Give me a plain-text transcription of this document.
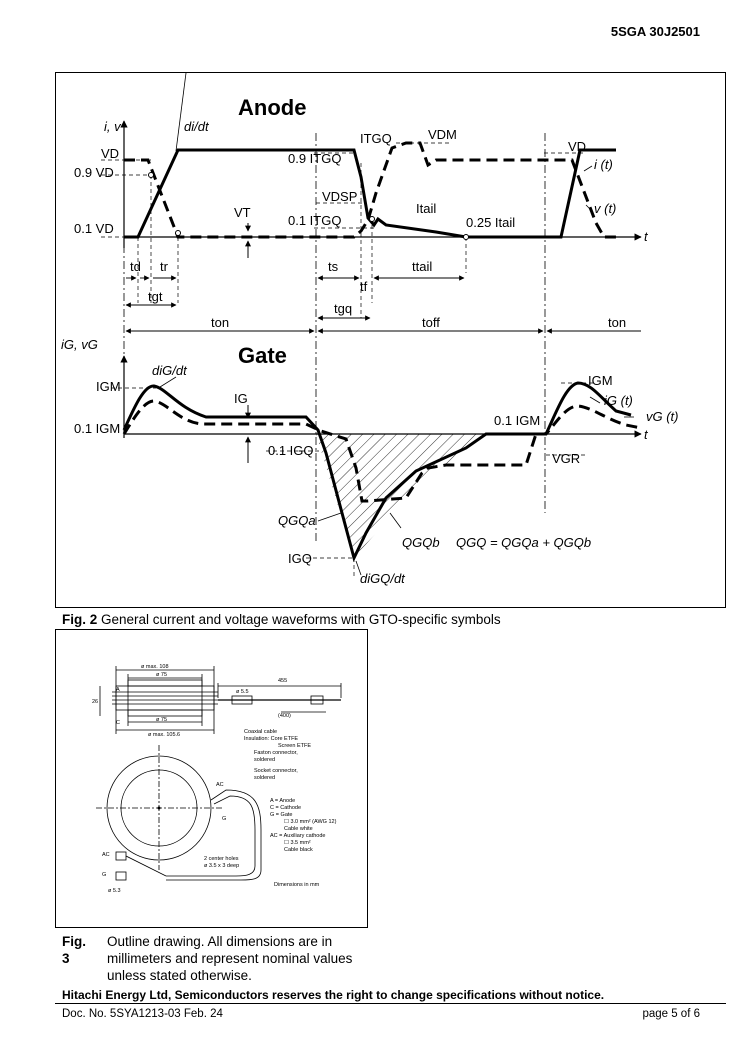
5SGA 30J2501
Anode
i, v	di/dt
VD
0.9 VD
0.1 VD
ITGQ
0.9 ITGQ
0.1 ITGQ
VDM
VDSP
VT	Itail
0.25 Itail
VD
i (t)
v (t)
t
td tr
tgt
ts
tf
ttail
tgq
ton	toff	ton
Gate
iG, vG
IGM
0.1 IGM
diG/dt
IG
0.1 IGQ
QGQa
QGQb QGQ = QGQa + QGQb
IGQ
diGQ/dt
0.1 IGM
IGM
iG (t)
vG (t)
VGR
t
Fig. 2 General current and voltage waveforms with GTO-specific symbols
ø max. 108
ø 75
26
ø 75
ø max. 105.6
455
ø 5.5
(400)
ø 5.3
A
C
AC
G
AC
G
Coaxial cable
Insulation: Core ETFE
Screen ETFE
Faston connector,
soldered
Socket connector,
soldered
A = Anode
C = Cathode
G = Gate
☐ 3.0 mm² (AWG 12)
Cable white
AC = Auxiliary cathode
☐ 3.5 mm²
Cable black
2 center holes
ø 3.5 x 3 deep
Dimensions in mm
Fig. 3
Outline drawing. All dimensions are in millimeters and represent nominal values unless stated otherwise.
Hitachi Energy Ltd, Semiconductors reserves the right to change specifications without notice.
Doc. No. 5SYA1213-03 Feb. 24	page 5 of 6
